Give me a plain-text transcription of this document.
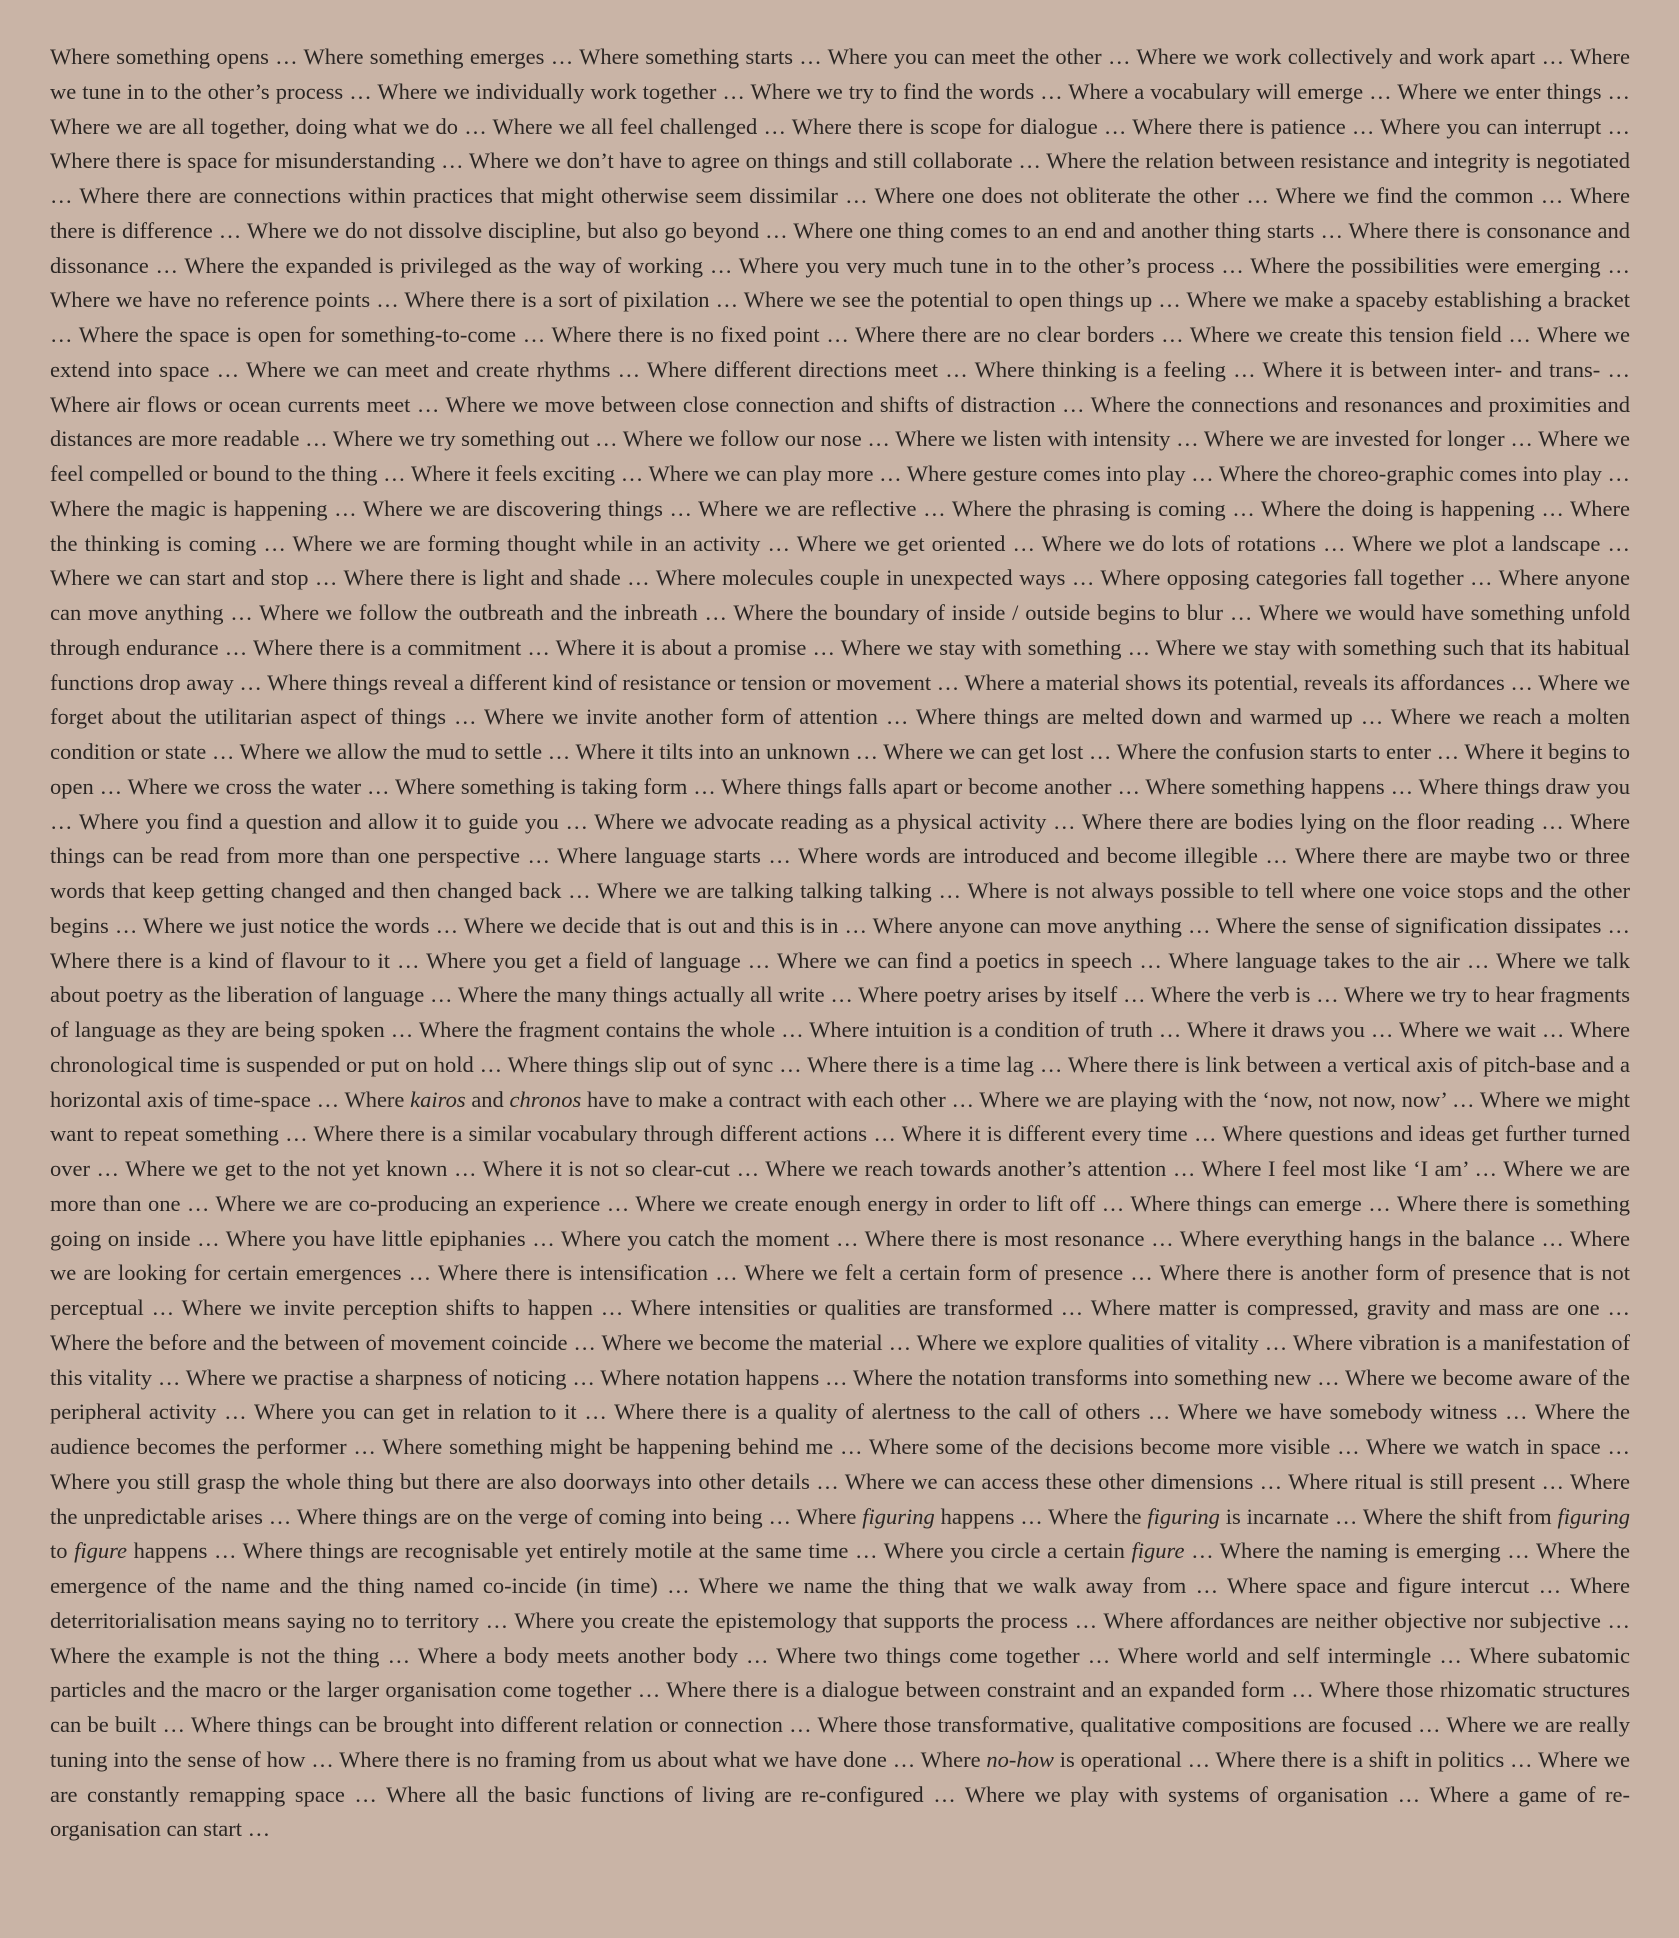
Where something opens … Where something emerges … Where something starts … Where you can meet the other … Where we work collectively and work apart … Where we tune in to the other’s process … Where we individually work together … Where we try to find the words … Where a vocabulary will emerge … Where we enter things … Where we are all together, doing what we do … Where we all feel challenged … Where there is scope for dialogue … Where there is patience … Where you can interrupt … Where there is space for misunderstanding … Where we don’t have to agree on things and still collaborate … Where the relation between resistance and integrity is negotiated … Where there are connections within practices that might otherwise seem dissimilar … Where one does not obliterate the other … Where we find the common … Where there is difference … Where we do not dissolve discipline, but also go beyond … Where one thing comes to an end and another thing starts … Where there is consonance and dissonance … Where the expanded is privileged as the way of working … Where you very much tune in to the other’s process … Where the possibilities were emerging … Where we have no reference points … Where there is a sort of pixilation … Where we see the potential to open things up … Where we make a spaceby establishing a bracket … Where the space is open for something-to-come … Where there is no fixed point … Where there are no clear borders … Where we create this tension field … Where we extend into space … Where we can meet and create rhythms … Where different directions meet … Where thinking is a feeling … Where it is between inter- and trans- … Where air flows or ocean currents meet … Where we move between close connection and shifts of distraction … Where the connections and resonances and proximities and distances are more readable … Where we try something out … Where we follow our nose … Where we listen with intensity … Where we are invested for longer … Where we feel compelled or bound to the thing … Where it feels exciting … Where we can play more … Where gesture comes into play … Where the choreo-graphic comes into play … Where the magic is happening … Where we are discovering things … Where we are reflective … Where the phrasing is coming … Where the doing is happening … Where the thinking is coming … Where we are forming thought while in an activity … Where we get oriented … Where we do lots of rotations … Where we plot a landscape … Where we can start and stop … Where there is light and shade … Where molecules couple in unexpected ways … Where opposing categories fall together … Where anyone can move anything … Where we follow the outbreath and the inbreath … Where the boundary of inside / outside begins to blur … Where we would have something unfold through endurance … Where there is a commitment … Where it is about a promise … Where we stay with something … Where we stay with something such that its habitual functions drop away … Where things reveal a different kind of resistance or tension or movement … Where a material shows its potential, reveals its affordances … Where we forget about the utilitarian aspect of things … Where we invite another form of attention … Where things are melted down and warmed up … Where we reach a molten condition or state … Where we allow the mud to settle … Where it tilts into an unknown … Where we can get lost … Where the confusion starts to enter … Where it begins to open … Where we cross the water … Where something is taking form … Where things falls apart or become another … Where something happens … Where things draw you … Where you find a question and allow it to guide you … Where we advocate reading as a physical activity … Where there are bodies lying on the floor reading … Where things can be read from more than one perspective … Where language starts … Where words are introduced and become illegible … Where there are maybe two or three words that keep getting changed and then changed back … Where we are talking talking talking … Where is not always possible to tell where one voice stops and the other begins … Where we just notice the words … Where we decide that is out and this is in … Where anyone can move anything … Where the sense of signification dissipates … Where there is a kind of flavour to it … Where you get a field of language … Where we can find a poetics in speech … Where language takes to the air … Where we talk about poetry as the liberation of language … Where the many things actually all write … Where poetry arises by itself … Where the verb is … Where we try to hear fragments of language as they are being spoken … Where the fragment contains the whole … Where intuition is a condition of truth … Where it draws you … Where we wait … Where chronological time is suspended or put on hold … Where things slip out of sync … Where there is a time lag … Where there is link between a vertical axis of pitch-base and a horizontal axis of time-space … Where kairos and chronos have to make a contract with each other … Where we are playing with the ‘now, not now, now’ … Where we might want to repeat something … Where there is a similar vocabulary through different actions … Where it is different every time … Where questions and ideas get further turned over … Where we get to the not yet known … Where it is not so clear-cut … Where we reach towards another’s attention … Where I feel most like ‘I am’ … Where we are more than one … Where we are co-producing an experience … Where we create enough energy in order to lift off … Where things can emerge … Where there is something going on inside … Where you have little epiphanies … Where you catch the moment … Where there is most resonance … Where everything hangs in the balance … Where we are looking for certain emergences … Where there is intensification … Where we felt a certain form of presence … Where there is another form of presence that is not perceptual … Where we invite perception shifts to happen … Where intensities or qualities are transformed … Where matter is compressed, gravity and mass are one … Where the before and the between of movement coincide … Where we become the material … Where we explore qualities of vitality … Where vibration is a manifestation of this vitality … Where we practise a sharpness of noticing … Where notation happens … Where the notation transforms into something new … Where we become aware of the peripheral activity … Where you can get in relation to it … Where there is a quality of alertness to the call of others … Where we have somebody witness … Where the audience becomes the performer … Where something might be happening behind me … Where some of the decisions become more visible … Where we watch in space … Where you still grasp the whole thing but there are also doorways into other details … Where we can access these other dimensions … Where ritual is still present … Where the unpredictable arises … Where things are on the verge of coming into being … Where figuring happens … Where the figuring is incarnate … Where the shift from figuring to figure happens … Where things are recognisable yet entirely motile at the same time … Where you circle a certain figure … Where the naming is emerging … Where the emergence of the name and the thing named co-incide (in time) … Where we name the thing that we walk away from … Where space and figure intercut … Where deterritorialisation means saying no to territory … Where you create the epistemology that supports the process … Where affordances are neither objective nor subjective … Where the example is not the thing … Where a body meets another body … Where two things come together … Where world and self intermingle … Where subatomic particles and the macro or the larger organisation come together … Where there is a dialogue between constraint and an expanded form … Where those rhizomatic structures can be built … Where things can be brought into different relation or connection … Where those transformative, qualitative compositions are focused … Where we are really tuning into the sense of how … Where there is no framing from us about what we have done … Where no-how is operational … Where there is a shift in politics … Where we are constantly remapping space … Where all the basic functions of living are re-configured … Where we play with systems of organisation … Where a game of re-organisation can start …
